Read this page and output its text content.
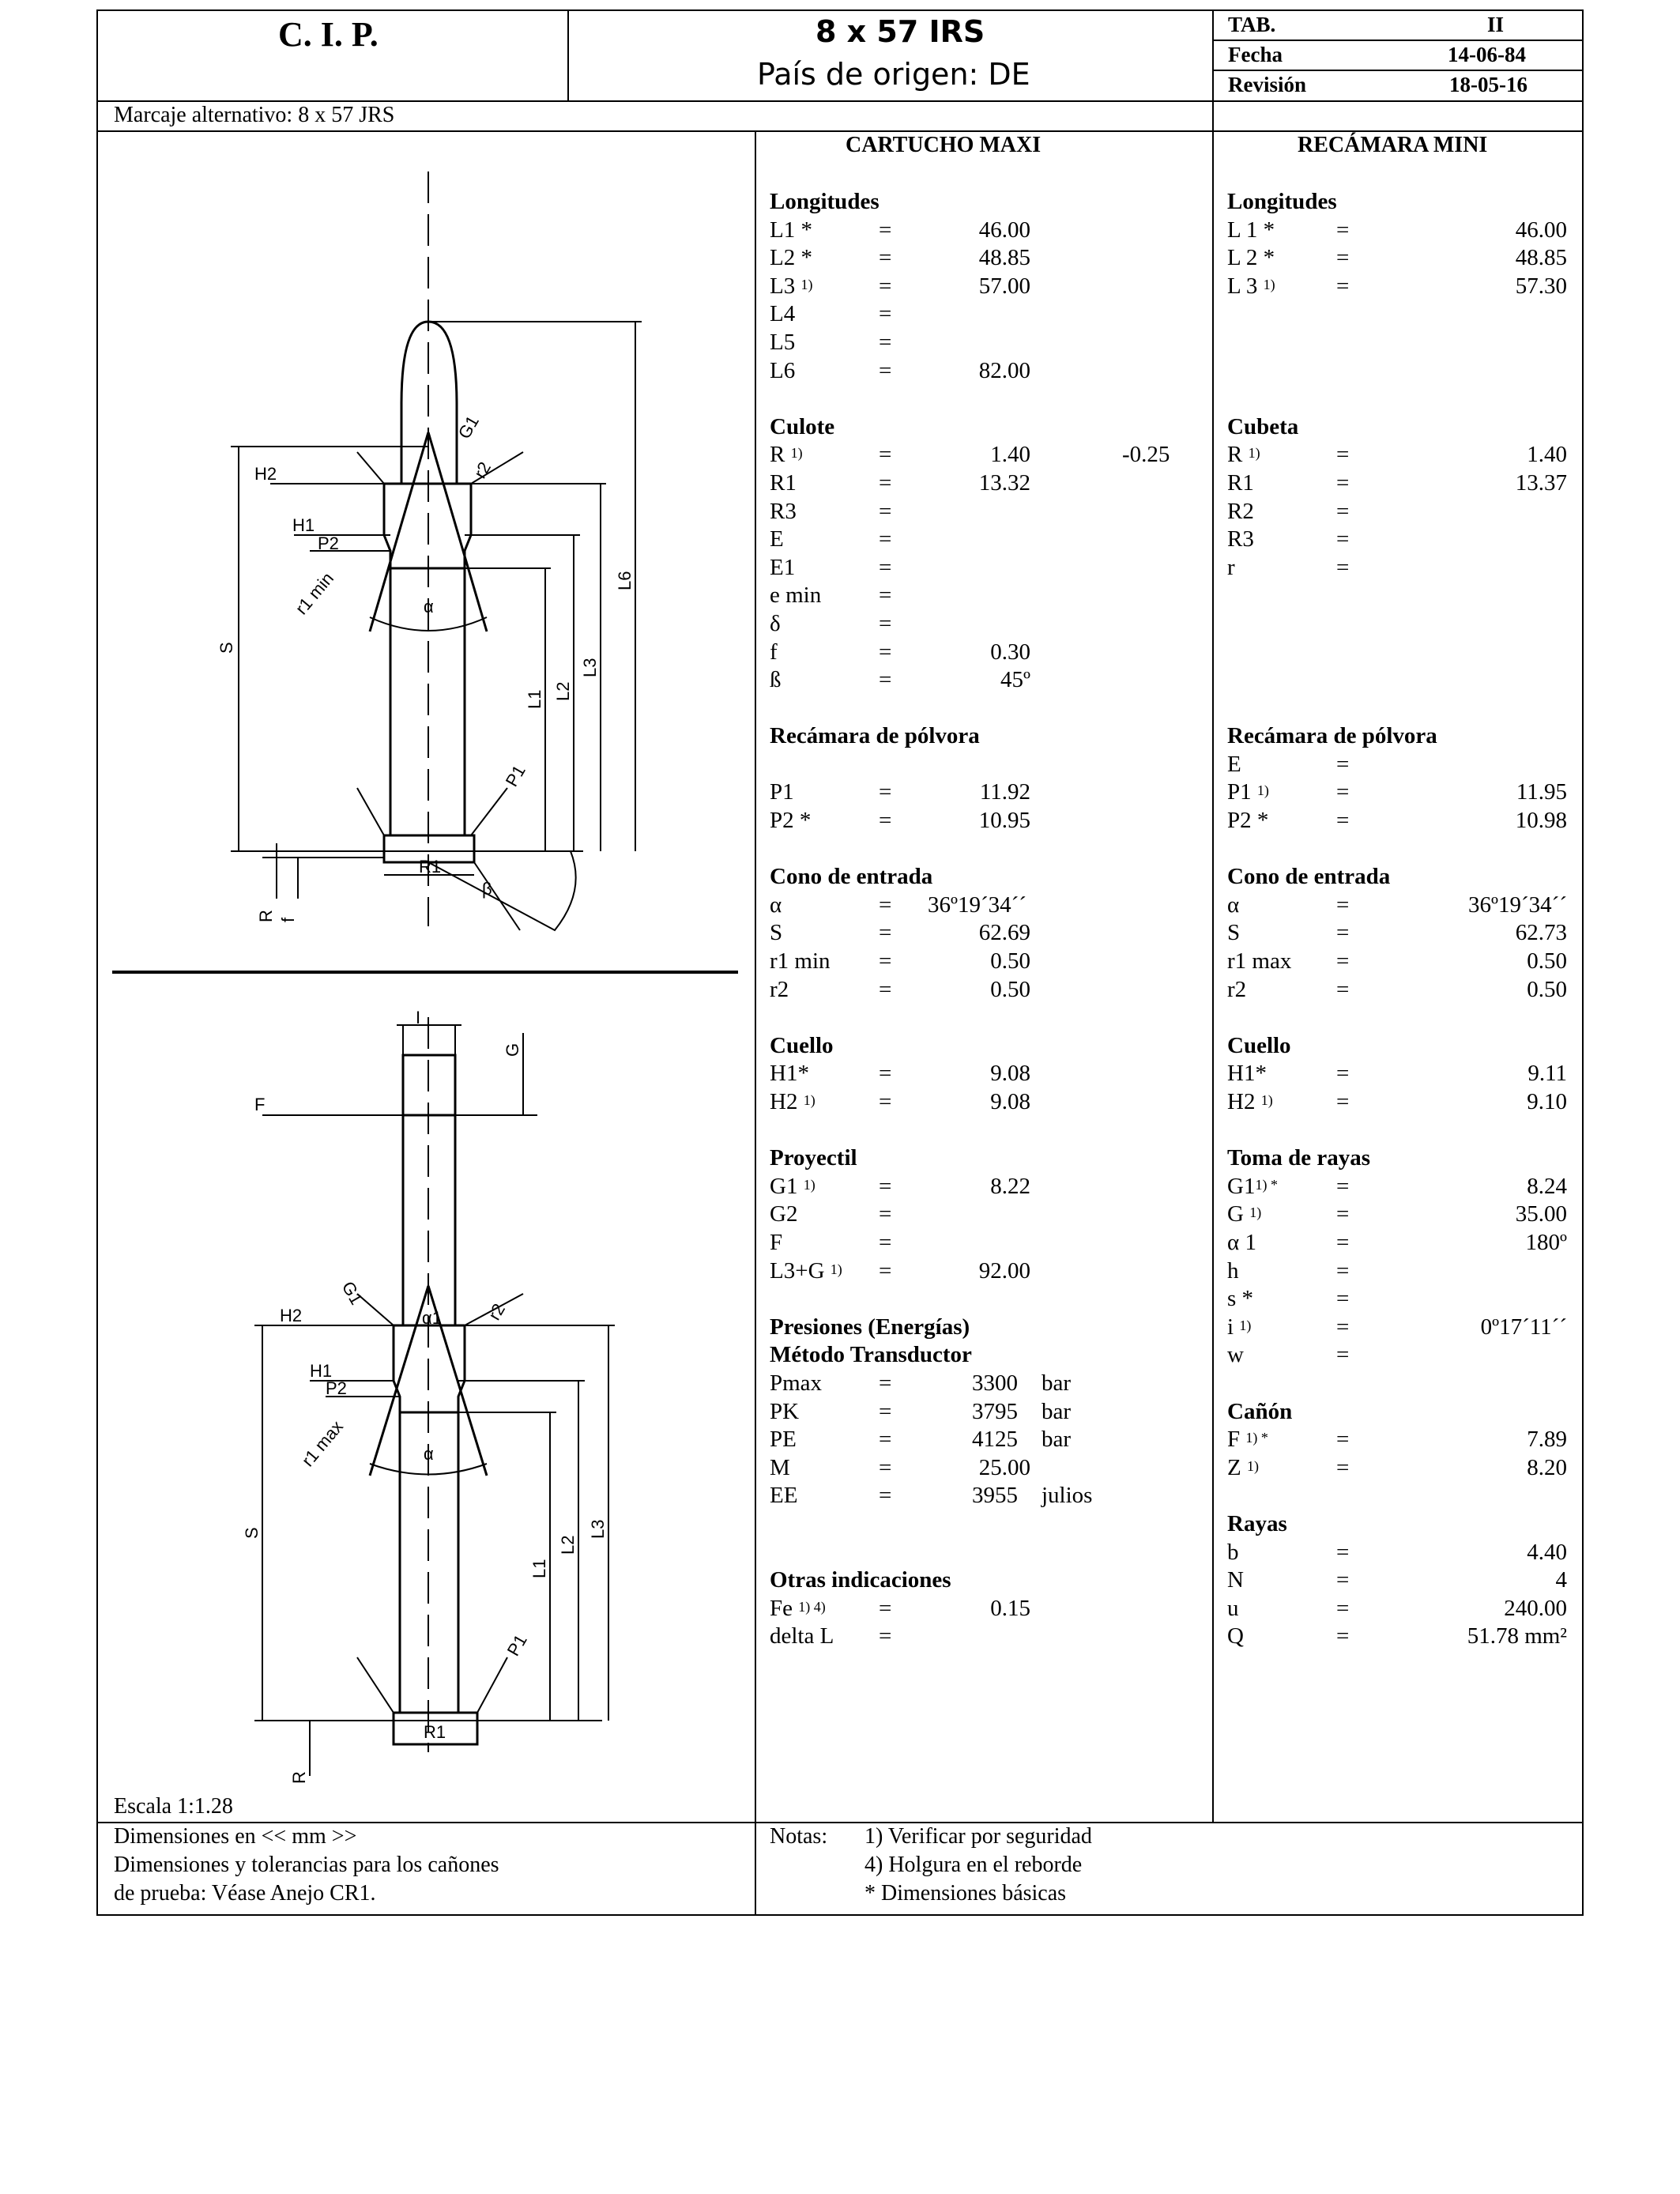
C. I. P.	8 x 57 IRS
País de origen: DE
TAB.	II
Fecha	14-06-84
Revisión	18-05-16
Marcaje alternativo: 8 x 57 JRS
G1
H2	r2
H1
P2
r1 min	α
S
L6
L3
L2
L1
P1
R1
β
R f
I
G
F
G1
H2	r2
α1
H1
P2
r1 max	α
S	L3
L2
L1
P1
R1
R
Escala 1:1.28
CARTUCHO MAXI	RECÁMARA MINI
Longitudes
L1 *	=	46.00
L2 *	=	48.85
L3 $^{1)}$	=	57.00
L4	=
L5	=
L6	=	82.00
Culote
R $^{1)}$	=	1.40	-0.25
R1	=	13.32
R3	=
E	=
E1	=
e min	=
δ	=
f	=	0.30
ß	=	45º
Recámara de pólvora
P1	=	11.92
P2 *	=	10.95
Cono de entrada
α	= 36º19´34´´
S	=	62.69
r1 min =	0.50
r2	=	0.50
Cuello
H1*	=	9.08
H2 $^{1)}$	=	9.08
Proyectil
G1 $^{1)}$	=	8.22
G2	=
F	=
L3+G $^{1)}$ =	92.00
Presiones (Energías)
Método Transductor
Pmax =	3300 bar
PK	=	3795 bar
PE	=	4125 bar
M	=	25.00
EE	=	3955 julios
Otras indicaciones
Fe $^{1) 4)}$ =	0.15
delta L =
Longitudes
L 1 *	=	46.00
L 2 *	=	48.85
L 3 $^{1)}$	=	57.30
Cubeta
R $^{1)}$	=	1.40
R1	=	13.37
R2	=
R3	=
r	=
Recámara de pólvora
E	=
P1 $^{1)}$	=	11.95
P2 *	=	10.98
Cono de entrada
α	=	36º19´34´´
S	=	62.73
r1 max =	0.50
r2	=	0.50
Cuello
H1*	=	9.11
H2 $^{1)}$	=	9.10
Toma de rayas
$G1^{1) *}$	=	8.24
G $^{1)}$	=	35.00
α 1	=	180º
h	=
s *	=
i $^{1)}$	=	0º17´11´´
w	=
Cañón
F $^{1) *}$	=	7.89
Z $^{1)}$	=	8.20
Rayas
b	=	4.40
N	=	4
u	=	240.00
Q	=	51.78 mm²
Dimensiones en << mm >>
Dimensiones y tolerancias para los cañones
de prueba: Véase Anejo CR1.
Notas: 1) Verificar por seguridad
4) Holgura en el reborde
* Dimensiones básicas
